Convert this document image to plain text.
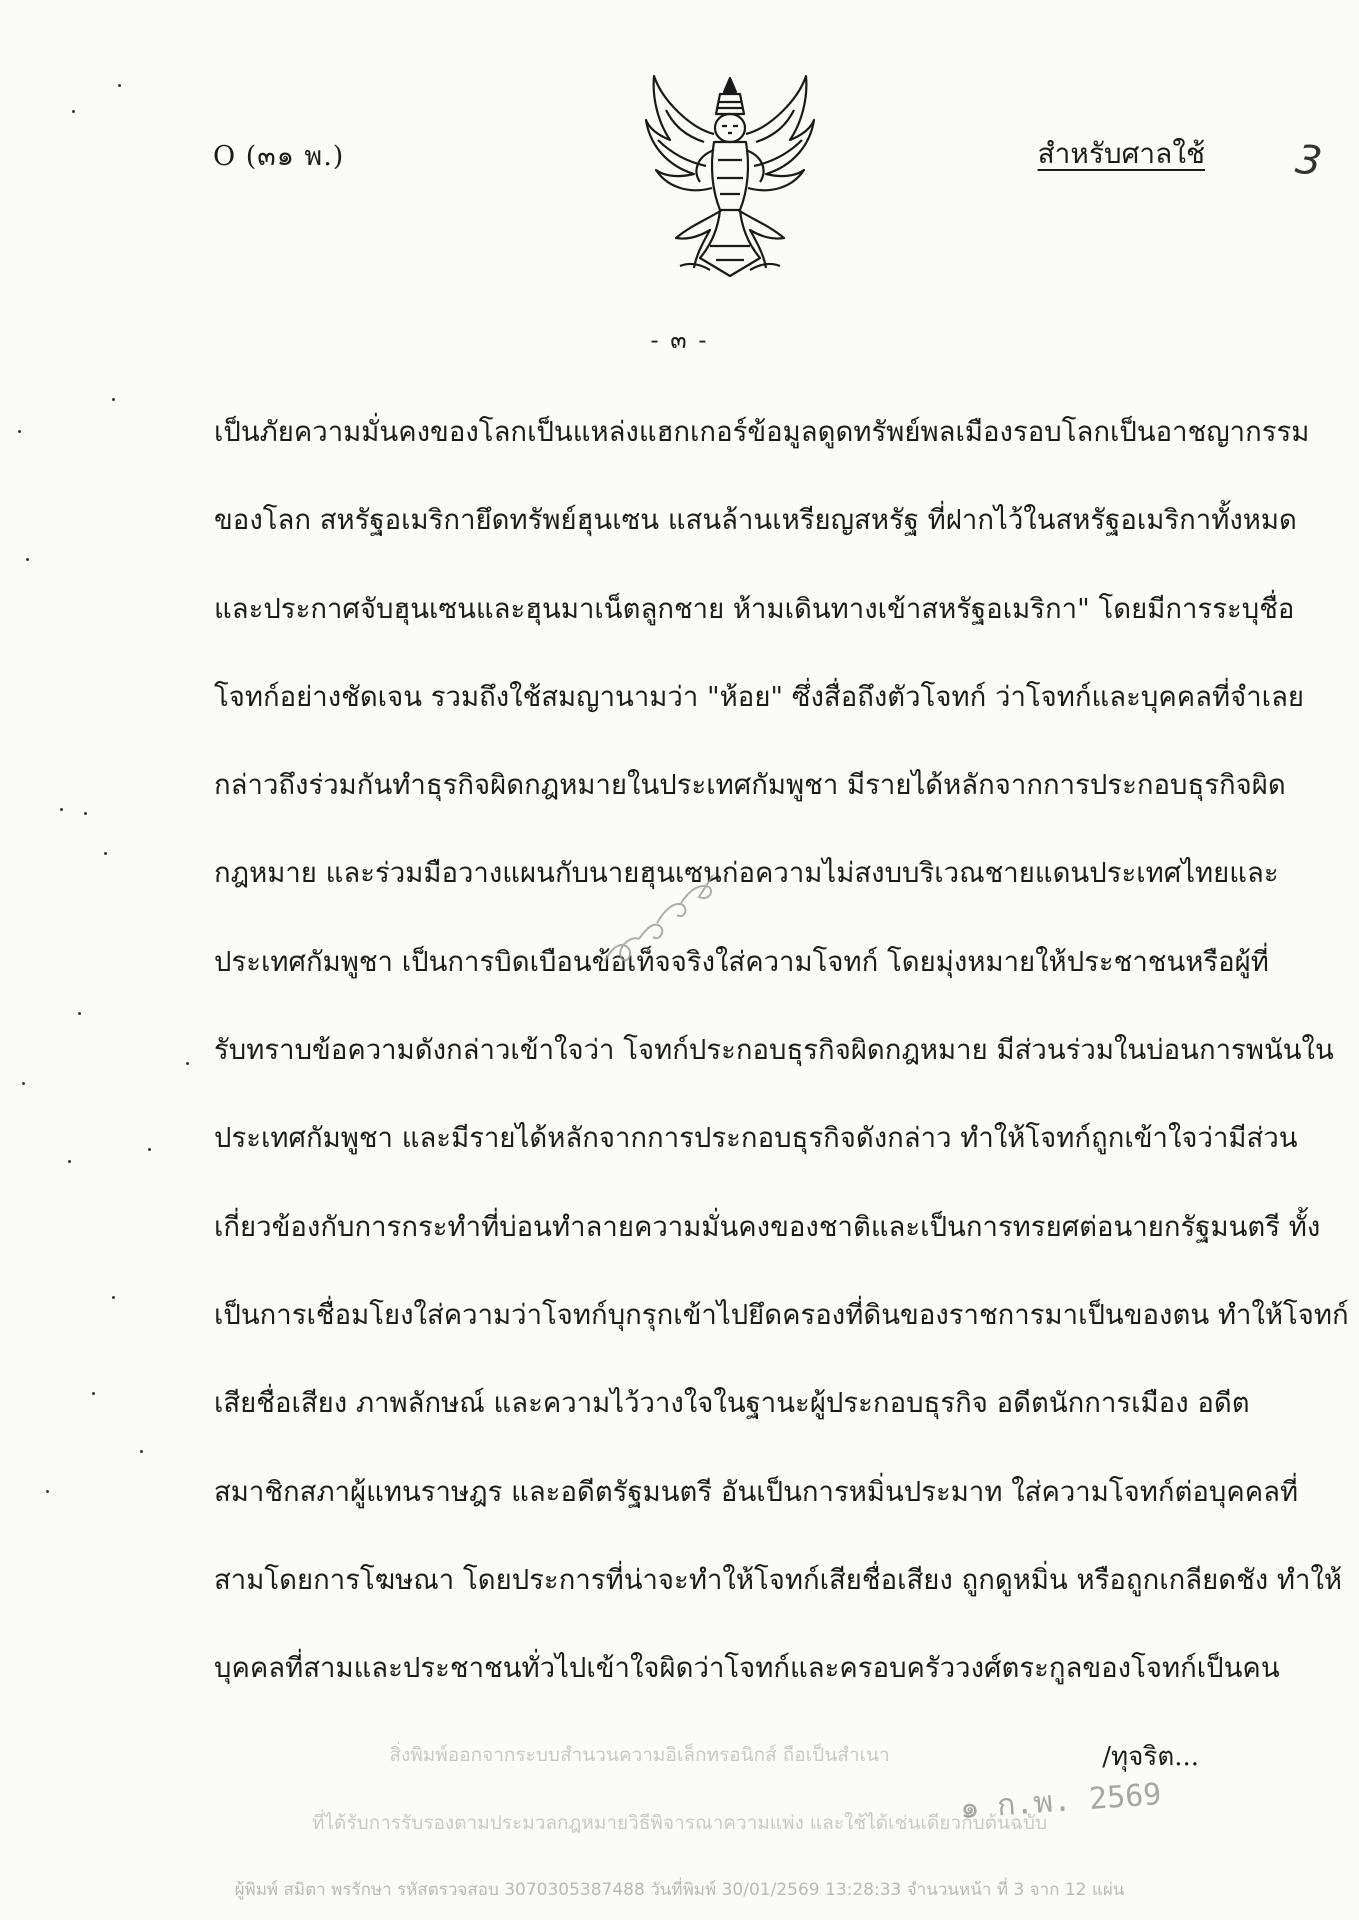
O (๓๑ พ.)	สำหรับศาลใช้ 3
- ๓ -
เป็นภัยความมั่นคงของโลกเป็นแหล่งแฮกเกอร์ข้อมูลดูดทรัพย์พลเมืองรอบโลกเป็นอาชญากรรม
ของโลก สหรัฐอเมริกายึดทรัพย์ฮุนเซน แสนล้านเหรียญสหรัฐ ที่ฝากไว้ในสหรัฐอเมริกาทั้งหมด
และประกาศจับฮุนเซนและฮุนมาเน็ตลูกชาย ห้ามเดินทางเข้าสหรัฐอเมริกา" โดยมีการระบุชื่อ
โจทก์อย่างชัดเจน รวมถึงใช้สมญานามว่า "ห้อย" ซึ่งสื่อถึงตัวโจทก์ ว่าโจทก์และบุคคลที่จำเลย
กล่าวถึงร่วมกันทำธุรกิจผิดกฎหมายในประเทศกัมพูชา มีรายได้หลักจากการประกอบธุรกิจผิด
กฎหมาย และร่วมมือวางแผนกับนายฮุนเซนก่อความไม่สงบบริเวณชายแดนประเทศไทยและ
ประเทศกัมพูชา เป็นการบิดเบือนข้อเท็จจริงใส่ความโจทก์ โดยมุ่งหมายให้ประชาชนหรือผู้ที่
รับทราบข้อความดังกล่าวเข้าใจว่า โจทก์ประกอบธุรกิจผิดกฎหมาย มีส่วนร่วมในบ่อนการพนันใน
ประเทศกัมพูชา และมีรายได้หลักจากการประกอบธุรกิจดังกล่าว ทำให้โจทก์ถูกเข้าใจว่ามีส่วน
เกี่ยวข้องกับการกระทำที่บ่อนทำลายความมั่นคงของชาติและเป็นการทรยศต่อนายกรัฐมนตรี ทั้ง
เป็นการเชื่อมโยงใส่ความว่าโจทก์บุกรุกเข้าไปยึดครองที่ดินของราชการมาเป็นของตน ทำให้โจทก์
เสียชื่อเสียง ภาพลักษณ์ และความไว้วางใจในฐานะผู้ประกอบธุรกิจ อดีตนักการเมือง อดีต
สมาชิกสภาผู้แทนราษฎร และอดีตรัฐมนตรี อันเป็นการหมิ่นประมาท ใส่ความโจทก์ต่อบุคคลที่
สามโดยการโฆษณา โดยประการที่น่าจะทำให้โจทก์เสียชื่อเสียง ถูกดูหมิ่น หรือถูกเกลียดชัง ทำให้
บุคคลที่สามและประชาชนทั่วไปเข้าใจผิดว่าโจทก์และครอบครัววงศ์ตระกูลของโจทก์เป็นคน
/ทุจริต...
สิ่งพิมพ์ออกจากระบบสำนวนความอิเล็กทรอนิกส์ ถือเป็นสำเนา
ที่ได้รับการรับรองตามประมวลกฎหมายวิธีพิจารณาความแพ่ง และใช้ได้เช่นเดียวกับต้นฉบับ
๑ ก.พ. 2569
ผู้พิมพ์ สมิตา พรรักษา รหัสตรวจสอบ 3070305387488 วันที่พิมพ์ 30/01/2569 13:28:33 จำนวนหน้า ที่ 3 จาก 12 แผ่น
